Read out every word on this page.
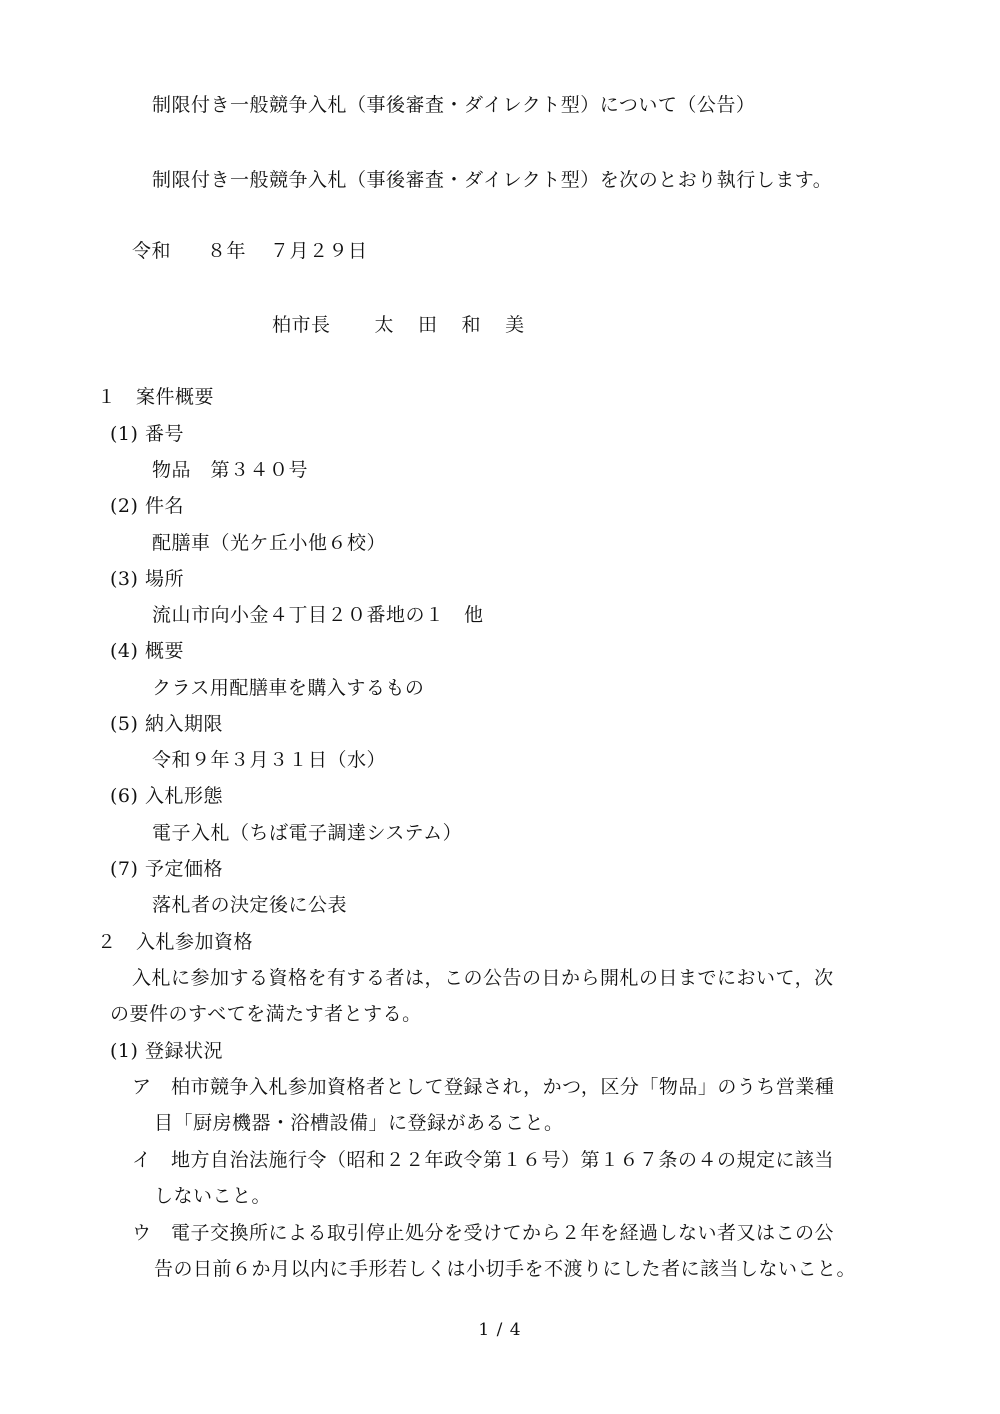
制限付き一般競争入札（事後審査・ダイレクト型）について（公告）
制限付き一般競争入札（事後審査・ダイレクト型）を次のとおり執行します。
令和 ８年 ７月２９日
柏市長 太 田 和 美
１　案件概要
(1) 番号
物品　第３４０号
(2) 件名
配膳車（光ケ丘小他６校）
(3) 場所
流山市向小金４丁目２０番地の１　他
(4) 概要
クラス用配膳車を購入するもの
(5) 納入期限
令和９年３月３１日（水）
(6) 入札形態
電子入札（ちば電子調達システム）
(7) 予定価格
落札者の決定後に公表
２　入札参加資格
入札に参加する資格を有する者は，この公告の日から開札の日までにおいて，次
の要件のすべてを満たす者とする。
(1) 登録状況
ア　柏市競争入札参加資格者として登録され，かつ，区分「物品」のうち営業種
目「厨房機器・浴槽設備」に登録があること。
イ　地方自治法施行令（昭和２２年政令第１６号）第１６７条の４の規定に該当
しないこと。
ウ　電子交換所による取引停止処分を受けてから２年を経過しない者又はこの公
告の日前６か月以内に手形若しくは小切手を不渡りにした者に該当しないこと。
1 / 4
